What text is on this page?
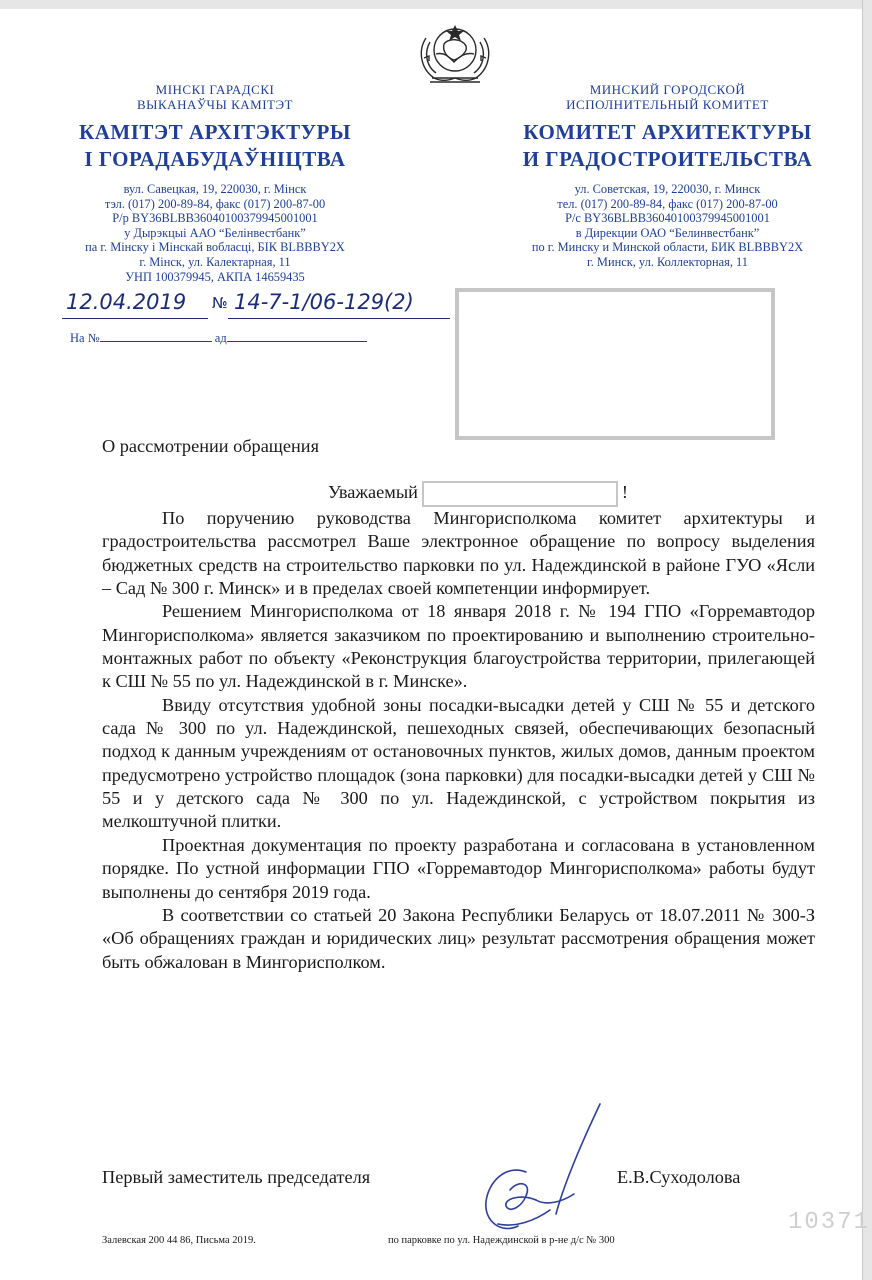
МІНСКІ ГАРАДСКІ
ВЫКАНАЎЧЫ КАМІТЭТ
КАМІТЭТ АРХІТЭКТУРЫ
І ГОРАДАБУДАЎНІЦТВА
вул. Савецкая, 19, 220030, г. Мінск
тэл. (017) 200-89-84, факс (017) 200-87-00
Р/р BY36BLBB36040100379945001001
у Дырэкцыі ААО “Белінвестбанк”
па г. Мінску і Мінскай вобласці, БІК BLBBBY2X
г. Мінск, ул. Калектарная, 11
УНП 100379945, АКПА 14659435
МИНСКИЙ ГОРОДСКОЙ
ИСПОЛНИТЕЛЬНЫЙ КОМИТЕТ
КОМИТЕТ АРХИТЕКТУРЫ
И ГРАДОСТРОИТЕЛЬСТВА
ул. Советская, 19, 220030, г. Минск
тел. (017) 200-89-84, факс (017) 200-87-00
Р/с BY36BLBB36040100379945001001
в Дирекции ОАО “Белинвестбанк”
по г. Минску и Минской области, БИК BLBBBY2X
г. Минск, ул. Коллекторная, 11
12.04.2019 № 14-7-1/06-129(2)
На №	ад
О рассмотрении обращения
Уважаемый	!

По поручению руководства Мингорисполкома комитет архитектуры и градостроительства рассмотрел Ваше электронное обращение по вопросу выделения бюджетных средств на строительство парковки по ул. Надеждинской в районе ГУО «Ясли – Сад № 300 г. Минск» и в пределах своей компетенции информирует.

Решением Мингорисполкома от 18 января 2018 г. № 194 ГПО «Горремавтодор Мингорисполкома» является заказчиком по проектированию и выполнению строительно-монтажных работ по объекту «Реконструкция благоустройства территории, прилегающей к СШ № 55 по ул. Надеждинской в г. Минске».

Ввиду отсутствия удобной зоны посадки-высадки детей у СШ № 55 и детского сада № 300 по ул. Надеждинской, пешеходных связей, обеспечивающих безопасный подход к данным учреждениям от остановочных пунктов, жилых домов, данным проектом предусмотрено устройство площадок (зона парковки) для посадки-высадки детей у СШ № 55 и у детского сада № 300 по ул. Надеждинской, с устройством покрытия из мелкоштучной плитки.

Проектная документация по проекту разработана и согласована в установленном порядке. По устной информации ГПО «Горремавтодор Мингорисполкома» работы будут выполнены до сентября 2019 года.

В соответствии со статьей 20 Закона Республики Беларусь от 18.07.2011 № 300-З «Об обращениях граждан и юридических лиц» результат рассмотрения обращения может быть обжалован в Мингорисполком.

Первый заместитель председателя	Е.В.Суходолова
Залевская 200 44 86, Письма 2019.	по парковке по ул. Надеждинской в р-не д/с № 300
10371
